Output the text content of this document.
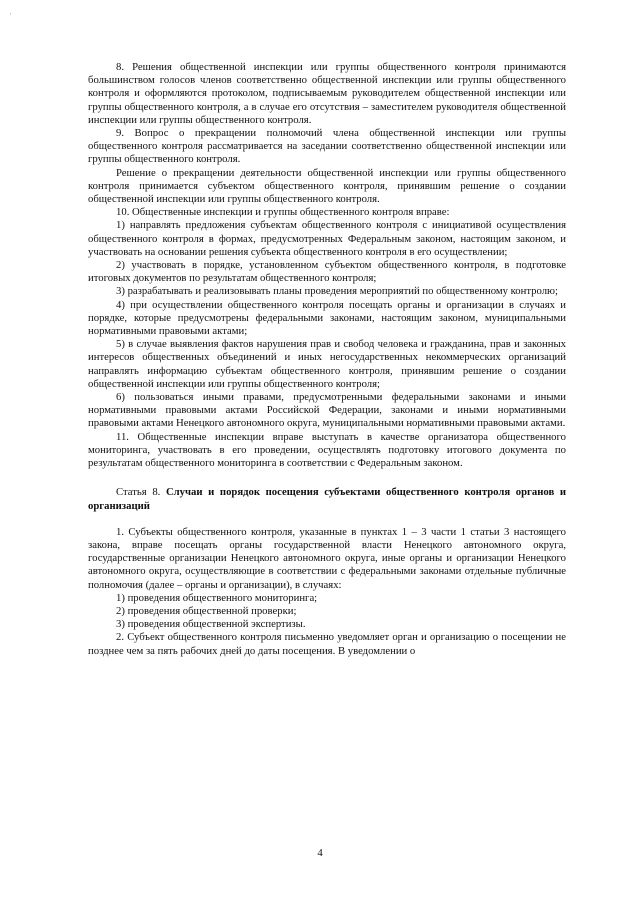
'

8. Решения общественной инспекции или группы общественного контроля принимаются большинством голосов членов соответственно общественной инспекции или группы общественного контроля и оформляются протоколом, подписываемым руководителем общественной инспекции или группы общественного контроля, а в случае его отсутствия – заместителем руководителя общественной инспекции или группы общественного контроля.

9. Вопрос о прекращении полномочий члена общественной инспекции или группы общественного контроля рассматривается на заседании соответственно общественной инспекции или группы общественного контроля.

Решение о прекращении деятельности общественной инспекции или группы общественного контроля принимается субъектом общественного контроля, принявшим решение о создании общественной инспекции или группы общественного контроля.

10. Общественные инспекции и группы общественного контроля вправе:

1) направлять предложения субъектам общественного контроля с инициативой осуществления общественного контроля в формах, предусмотренных Федеральным законом, настоящим законом, и участвовать на основании решения субъекта общественного контроля в его осуществлении;

2) участвовать в порядке, установленном субъектом общественного контроля, в подготовке итоговых документов по результатам общественного контроля;

3) разрабатывать и реализовывать планы проведения мероприятий по общественному контролю;

4) при осуществлении общественного контроля посещать органы и организации в случаях и порядке, которые предусмотрены федеральными законами, настоящим законом, муниципальными нормативными правовыми актами;

5) в случае выявления фактов нарушения прав и свобод человека и гражданина, прав и законных интересов общественных объединений и иных негосударственных некоммерческих организаций направлять информацию субъектам общественного контроля, принявшим решение о создании общественной инспекции или группы общественного контроля;

6) пользоваться иными правами, предусмотренными федеральными законами и иными нормативными правовыми актами Российской Федерации, законами и иными нормативными правовыми актами Ненецкого автономного округа, муниципальными нормативными правовыми актами.

11. Общественные инспекции вправе выступать в качестве организатора общественного мониторинга, участвовать в его проведении, осуществлять подготовку итогового документа по результатам общественного мониторинга в соответствии с Федеральным законом.

Статья 8. Случаи и порядок посещения субъектами общественного контроля органов и организаций

1. Субъекты общественного контроля, указанные в пунктах 1 – 3 части 1 статьи 3 настоящего закона, вправе посещать органы государственной власти Ненецкого автономного округа, государственные организации Ненецкого автономного округа, иные органы и организации Ненецкого автономного округа, осуществляющие в соответствии с федеральными законами отдельные публичные полномочия (далее – органы и организации), в случаях:

1) проведения общественного мониторинга;

2) проведения общественной проверки;

3) проведения общественной экспертизы.

2. Субъект общественного контроля письменно уведомляет орган и организацию о посещении не позднее чем за пять рабочих дней до даты посещения. В уведомлении о

4
